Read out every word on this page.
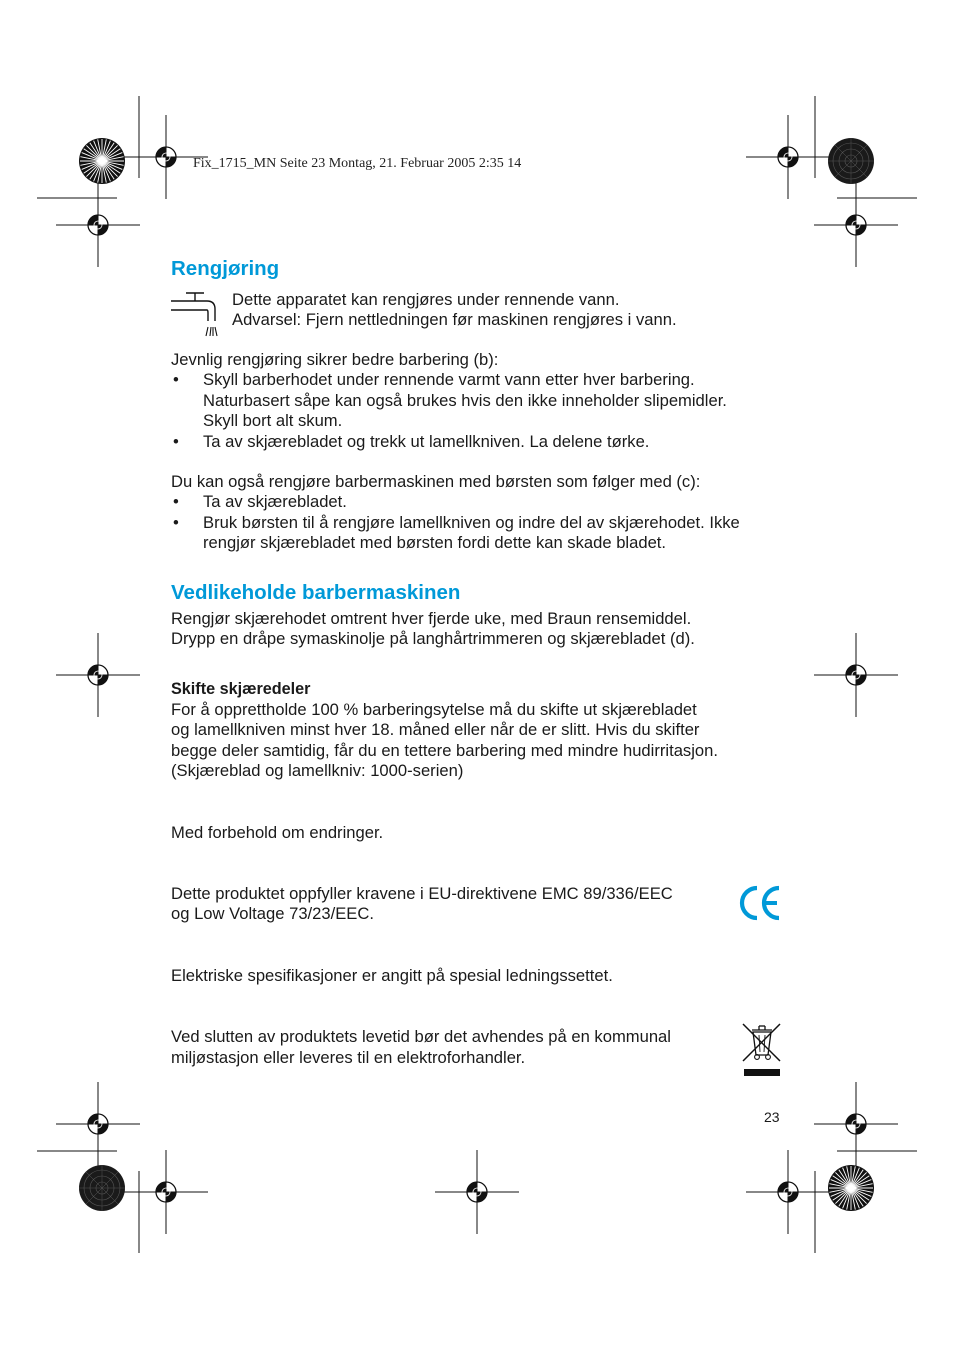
Fix_1715_MN Seite 23 Montag, 21. Februar 2005 2:35 14
Rengjøring

Dette apparatet kan rengjøres under rennende vann.

Advarsel: Fjern nettledningen før maskinen rengjøres i vann.

Jevnlig rengjøring sikrer bedre barbering (b):

• Skyll barberhodet under rennende varmt vann etter hver barbering.
Naturbasert såpe kan også brukes hvis den ikke inneholder slipemidler.
Skyll bort alt skum.
• Ta av skjærebladet og trekk ut lamellkniven. La delene tørke.

Du kan også rengjøre barbermaskinen med børsten som følger med (c):

• Ta av skjærebladet.
• Bruk børsten til å rengjøre lamellkniven og indre del av skjærehodet. Ikke
rengjør skjærebladet med børsten fordi dette kan skade bladet.
Vedlikeholde barbermaskinen

Rengjør skjærehodet omtrent hver fjerde uke, med Braun rensemiddel.

Drypp en dråpe symaskinolje på langhårtrimmeren og skjærebladet (d).

Skifte skjæredeler

For å opprettholde 100 % barberingsytelse må du skifte ut skjærebladet

og lamellkniven minst hver 18. måned eller når de er slitt. Hvis du skifter

begge deler samtidig, får du en tettere barbering med mindre hudirritasjon.

(Skjæreblad og lamellkniv: 1000-serien)

Med forbehold om endringer.

Dette produktet oppfyller kravene i EU-direktivene EMC 89/336/EEC

og Low Voltage 73/23/EEC.

Elektriske spesifikasjoner er angitt på spesial ledningssettet.

Ved slutten av produktets levetid bør det avhendes på en kommunal

miljøstasjon eller leveres til en elektroforhandler.

23
